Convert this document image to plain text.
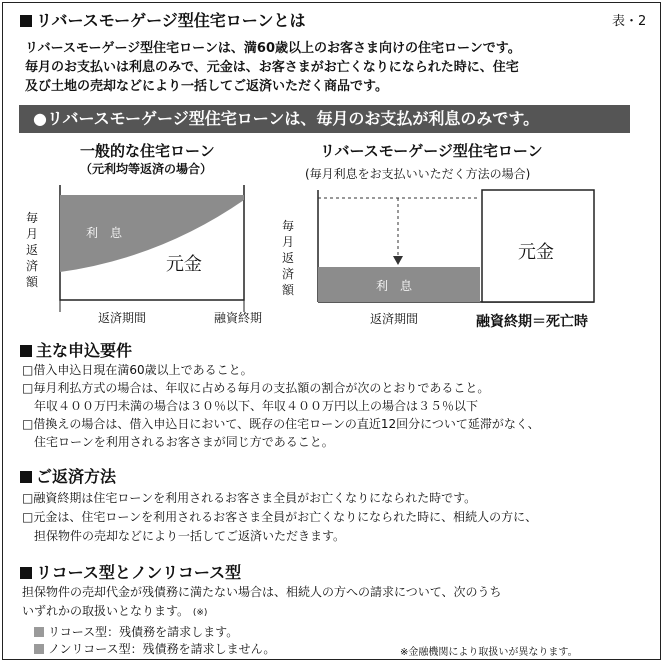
リバースモーゲージ型住宅ローンとは	表・2
リバースモーゲージ型住宅ローンは、満60歳以上のお客さま向けの住宅ローンです。
毎月のお支払いは利息のみで、元金は、お客さまがお亡くなりになられた時に、住宅
及び土地の売却などにより一括してご返済いただく商品です。
●リバースモーゲージ型住宅ローンは、毎月のお支払が利息のみです。
一般的な住宅ローン
（元利均等返済の場合）
毎
月
返
済
額
利　息
元金
返済期間	融資終期
リバースモーゲージ型住宅ローン
(毎月利息をお支払いいただく方法の場合)
毎
月
返
済
額	利　息
元金
返済期間	融資終期＝死亡時
主な申込要件
□借入申込日現在満60歳以上であること。
□毎月利払方式の場合は、年収に占める毎月の支払額の割合が次のとおりであること。
　年収４００万円未満の場合は３０％以下、年収４００万円以上の場合は３５％以下
□借換えの場合は、借入申込日において、既存の住宅ローンの直近12回分について延滞がなく、
　住宅ローンを利用されるお客さまが同じ方であること。
ご返済方法
□融資終期は住宅ローンを利用されるお客さま全員がお亡くなりになられた時です。
□元金は、住宅ローンを利用されるお客さま全員がお亡くなりになられた時に、相続人の方に、
　担保物件の売却などにより一括してご返済いただきます。
リコース型とノンリコース型
担保物件の売却代金が残債務に満たない場合は、相続人の方への請求について、次のうち
いずれかの取扱いとなります。 (※)
リコース型：残債務を請求します。
ノンリコース型：残債務を請求しません。	※金融機関により取扱いが異なります。
